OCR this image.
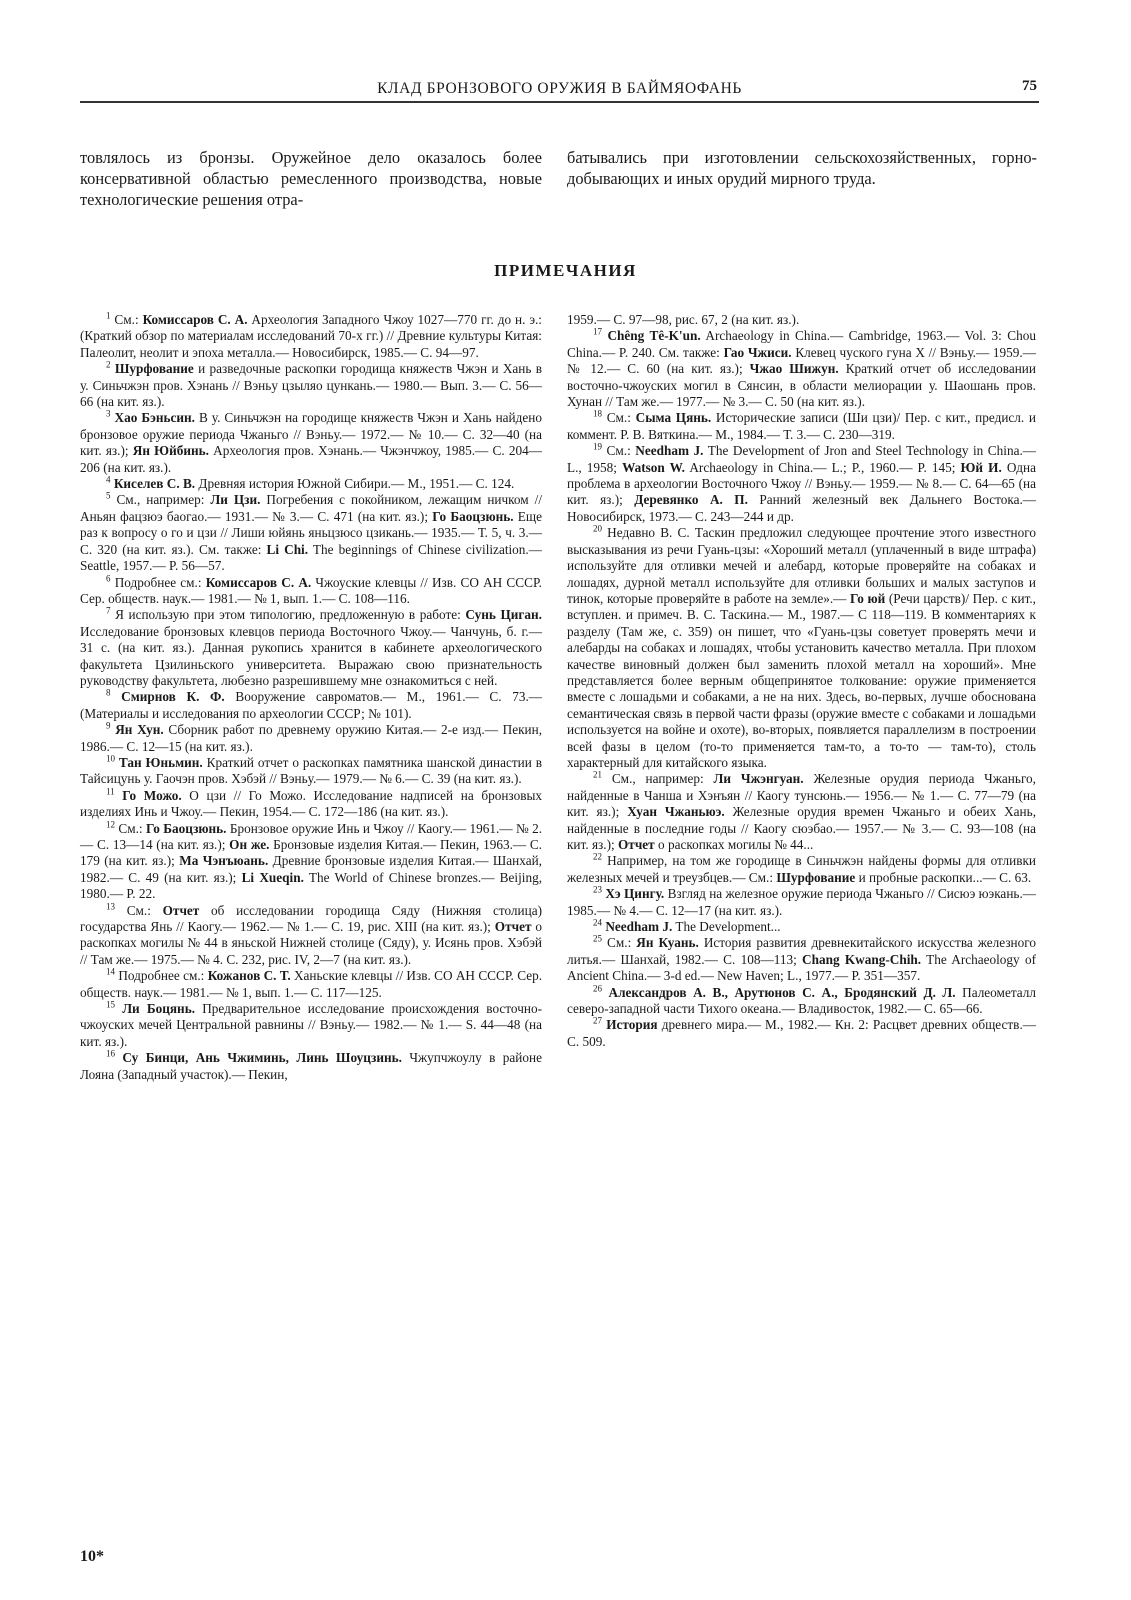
КЛАД БРОНЗОВОГО ОРУЖИЯ В БАЙМЯОФАНЬ	75
товлялось из бронзы. Оружейное дело оказалось более консервативной областью ремесленного производства, новые технологические решения отра-
батывались при изготовлении сельскохозяйственных, горно-добывающих и иных орудий мирного труда.
ПРИМЕЧАНИЯ

$^1$ См.: Комиссаров С. А. Археология Западного Чжоу 1027—770 гг. до н. э.: (Краткий обзор по материалам исследований 70-х гг.) // Древние культуры Китая: Палеолит, неолит и эпоха металла.— Новосибирск, 1985.— С. 94—97.

$^2$ Шурфование и разведочные раскопки городища княжеств Чжэн и Хань в у. Синьчжэн пров. Хэнань // Вэньу цзыляо цункань.— 1980.— Вып. 3.— С. 56—66 (на кит. яз.).

$^3$ Хао Бэньсин. В у. Синьчжэн на городище княжеств Чжэн и Хань найдено бронзовое оружие периода Чжаньго // Вэньу.— 1972.— № 10.— С. 32—40 (на кит. яз.); Ян Юйбинь. Археология пров. Хэнань.— Чжэнчжоу, 1985.— С. 204—206 (на кит. яз.).

$^4$ Киселев С. В. Древняя история Южной Сибири.— М., 1951.— С. 124.

$^5$ См., например: Ли Цзи. Погребения с покойником, лежащим ничком // Аньян фацзюэ баогао.— 1931.— № 3.— С. 471 (на кит. яз.); Го Баоцзюнь. Еще раз к вопросу о го и цзи // Лиши юйянь яньцзюсо цзикань.— 1935.— Т. 5, ч. 3.— С. 320 (на кит. яз.). См. также: Li Chi. The beginnings of Chinese civilization.— Seattle, 1957.— P. 56—57.

$^6$ Подробнее см.: Комиссаров С. А. Чжоуские клевцы // Изв. СО АН СССР. Сер. обществ. наук.— 1981.— № 1, вып. 1.— С. 108—116.

$^7$ Я использую при этом типологию, предложенную в работе: Сунь Циган. Исследование бронзовых клевцов периода Восточного Чжоу.— Чанчунь, б. г.— 31 с. (на кит. яз.). Данная рукопись хранится в кабинете археологического факультета Цзилиньского университета. Выражаю свою признательность руководству факультета, любезно разрешившему мне ознакомиться с ней.

$^8$ Смирнов К. Ф. Вооружение савроматов.— М., 1961.— С. 73.— (Материалы и исследования по археологии СССР; № 101).

$^9$ Ян Хун. Сборник работ по древнему оружию Китая.— 2-е изд.— Пекин, 1986.— С. 12—15 (на кит. яз.).

$^{10}$ Тан Юньмин. Краткий отчет о раскопках памятника шанской династии в Тайсицунь у. Гаочэн пров. Хэбэй // Вэньу.— 1979.— № 6.— С. 39 (на кит. яз.).

$^{11}$ Го Можо. О цзи // Го Можо. Исследование надписей на бронзовых изделиях Инь и Чжоу.— Пекин, 1954.— С. 172—186 (на кит. яз.).

$^{12}$ См.: Го Баоцзюнь. Бронзовое оружие Инь и Чжоу // Каогу.— 1961.— № 2.— С. 13—14 (на кит. яз.); Он же. Бронзовые изделия Китая.— Пекин, 1963.— С. 179 (на кит. яз.); Ма Чэнъюань. Древние бронзовые изделия Китая.— Шанхай, 1982.— С. 49 (на кит. яз.); Li Xueqin. The World of Chinese bronzes.— Beijing, 1980.— P. 22.

$^{13}$ См.: Отчет об исследовании городища Сяду (Нижняя столица) государства Янь // Каогу.— 1962.— № 1.— С. 19, рис. XIII (на кит. яз.); Отчет о раскопках могилы № 44 в яньской Нижней столице (Сяду), у. Исянь пров. Хэбэй // Там же.— 1975.— № 4. С. 232, рис. IV, 2—7 (на кит. яз.).

$^{14}$ Подробнее см.: Кожанов С. Т. Ханьские клевцы // Изв. СО АН СССР. Сер. обществ. наук.— 1981.— № 1, вып. 1.— С. 117—125.

$^{15}$ Ли Боцянь. Предварительное исследование происхождения восточно-чжоуских мечей Центральной равнины // Вэньу.— 1982.— № 1.— S. 44—48 (на кит. яз.).

$^{16}$ Су Бинци, Ань Чжиминь, Линь Шоуцзинь. Чжупчжоулу в районе Лояна (Западный участок).— Пекин,

1959.— С. 97—98, рис. 67, 2 (на кит. яз.).

$^{17}$ Chêng Tê-K'un. Archaeology in China.— Cambridge, 1963.— Vol. 3: Chou China.— P. 240. См. также: Гао Чжиси. Клевец чуского гуна X // Вэньу.— 1959.— № 12.— С. 60 (на кит. яз.); Чжао Шижун. Краткий отчет об исследовании восточно-чжоуских могил в Сянсин, в области мелиорации у. Шаошань пров. Хунан // Там же.— 1977.— № 3.— С. 50 (на кит. яз.).

$^{18}$ См.: Сыма Цянь. Исторические записи (Ши цзи)/ Пер. с кит., предисл. и коммент. Р. В. Вяткина.— М., 1984.— Т. 3.— С. 230—319.

$^{19}$ См.: Needham J. The Development of Jron and Steel Technology in China.— L., 1958; Watson W. Archaeology in China.— L.; P., 1960.— P. 145; Юй И. Одна проблема в археологии Восточного Чжоу // Вэньу.— 1959.— № 8.— С. 64—65 (на кит. яз.); Деревянко А. П. Ранний железный век Дальнего Востока.— Новосибирск, 1973.— С. 243—244 и др.

$^{20}$ Недавно В. С. Таскин предложил следующее прочтение этого известного высказывания из речи Гуань-цзы: «Хороший металл (уплаченный в виде штрафа) используйте для отливки мечей и алебард, которые проверяйте на собаках и лошадях, дурной металл используйте для отливки больших и малых заступов и тинок, которые проверяйте в работе на земле».— Го юй (Речи царств)/ Пер. с кит., вступлен. и примеч. В. С. Таскина.— М., 1987.— С 118—119. В комментариях к разделу (Там же, с. 359) он пишет, что «Гуань-цзы советует проверять мечи и алебарды на собаках и лошадях, чтобы установить качество металла. При плохом качестве виновный должен был заменить плохой металл на хороший». Мне представляется более верным общепринятое толкование: оружие применяется вместе с лошадьми и собаками, а не на них. Здесь, во-первых, лучше обоснована семантическая связь в первой части фразы (оружие вместе с собаками и лошадьми используется на войне и охоте), во-вторых, появляется параллелизм в построении всей фазы в целом (то-то применяется там-то, а то-то — там-то), столь характерный для китайского языка.

$^{21}$ См., например: Ли Чжэнгуан. Железные орудия периода Чжаньго, найденные в Чанша и Хэнъян // Каогу тунсюнь.— 1956.— № 1.— С. 77—79 (на кит. яз.); Хуан Чжаньюэ. Железные орудия времен Чжаньго и обеих Хань, найденные в последние годы // Каогу сюэбао.— 1957.— № 3.— С. 93—108 (на кит. яз.); Отчет о раскопках могилы № 44...

$^{22}$ Например, на том же городище в Синьчжэн найдены формы для отливки железных мечей и треузбцев.— См.: Шурфование и пробные раскопки...— С. 63.

$^{23}$ Хэ Цингу. Взгляд на железное оружие периода Чжаньго // Сисюэ юэкань.— 1985.— № 4.— С. 12—17 (на кит. яз.).

$^{24}$ Needham J. The Development...

$^{25}$ См.: Ян Куань. История развития древнекитайского искусства железного литья.— Шанхай, 1982.— С. 108—113; Chang Kwang-Chih. The Archaeology of Ancient China.— 3-d ed.— New Haven; L., 1977.— P. 351—357.

$^{26}$ Александров А. В., Арутюнов С. А., Бродянский Д. Л. Палеометалл северо-западной части Тихого океана.— Владивосток, 1982.— С. 65—66.

$^{27}$ История древнего мира.— М., 1982.— Кн. 2: Расцвет древних обществ.— С. 509.

10*
